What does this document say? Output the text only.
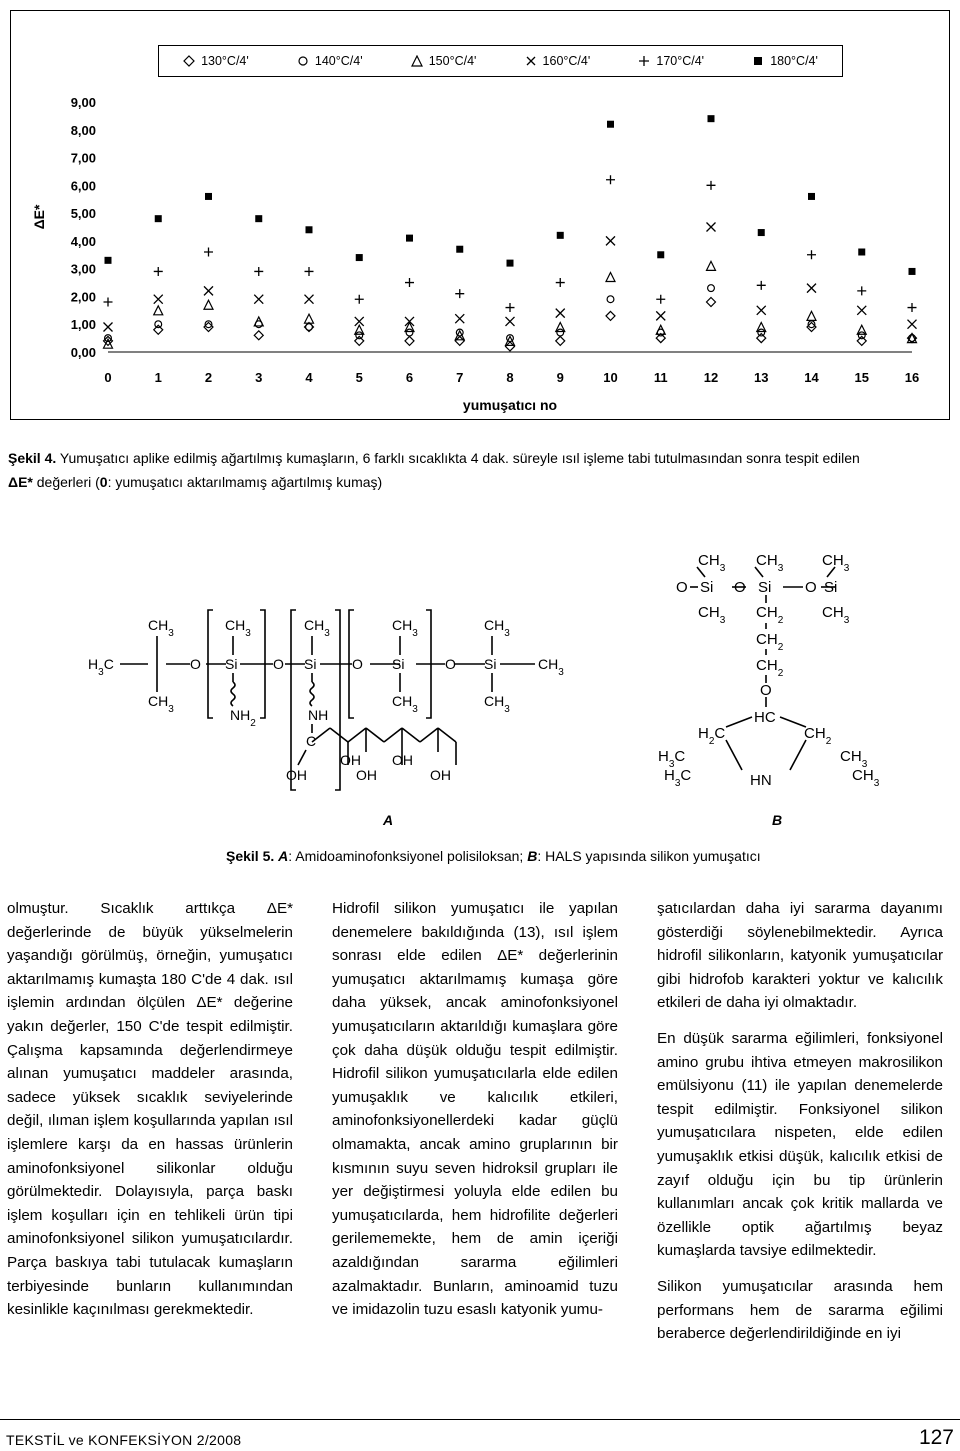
130°C/4'	140°C/4'	150°C/4'	160°C/4'	170°C/4'	180°C/4'
0,00
1,00
2,00
3,00
4,00
5,00
6,00
7,00
8,00
9,00
0	1	2	3	4	5	6	7	8	9	10	11	12	13	14	15	16
yumuşatıcı no
ΔE*
Şekil 4. Yumuşatıcı aplike edilmiş ağartılmış kumaşların, 6 farklı sıcaklıkta 4 dak. süreyle ısıl işleme tabi tutulmasından sonra tespit edilen
ΔE* değerleri (0: yumuşatıcı aktarılmamış ağartılmış kumaş)
$CH_3$
$H_3C$
$CH_3$
O
$CH_3$
Si
$NH_2$
O
$CH_3$
Si
NH
C
O
$CH_3$
Si
$CH_3$
O
$CH_3$
Si
$CH_3$
$CH_3$
OH
OH
OH
OH
OH
$CH_3$ $CH_3$	$CH_3$
O Si O Si O Si
$CH_3$ $CH_2$	$CH_3$
$CH_2$
$CH_2$
O
HC
$H_2C$	$CH_2$
$H_3C$	$CH_3$
$H_3C$	$CH_3$
HN
A	B
Şekil 5. A: Amidoaminofonksiyonel polisiloksan; B: HALS yapısında silikon yumuşatıcı

olmuştur. Sıcaklık arttıkça ΔE* değerlerinde de büyük yükselmelerin yaşandığı görülmüş, örneğin, yumuşatıcı aktarılmamış kumaşta 180 C'de 4 dak. ısıl işlemin ardından ölçülen ΔE* değerine yakın değerler, 150 C'de tespit edilmiştir. Çalışma kapsamında değerlendirmeye alınan yumuşatıcı maddeler arasında, sadece yüksek sıcaklık seviyelerinde değil, ılıman işlem koşullarında yapılan ısıl işlemlere karşı da en hassas ürünlerin aminofonksiyonel silikonlar olduğu görülmektedir. Dolayısıyla, parça baskı işlem koşulları için en tehlikeli ürün tipi aminofonksiyonel silikon yumuşatıcılardır. Parça baskıya tabi tutulacak kumaşların terbiyesinde bunların kullanımından kesinlikle kaçınılması gerekmektedir.

Hidrofil silikon yumuşatıcı ile yapılan denemelere bakıldığında (13), ısıl işlem sonrası elde edilen ΔE* değerlerinin yumuşatıcı aktarılmamış kumaşa göre daha yüksek, ancak aminofonksiyonel yumuşatıcıların aktarıldığı kumaşlara göre çok daha düşük olduğu tespit edilmiştir. Hidrofil silikon yumuşatıcılarla elde edilen yumuşaklık ve kalıcılık etkileri, aminofonksiyonellerdeki kadar güçlü olmamakta, ancak amino gruplarının bir kısmının suyu seven hidroksil grupları ile yer değiştirmesi yoluyla elde edilen bu yumuşatıcılarda, hem hidrofilite değerleri gerilememekte, hem de amin içeriği azaldığından sararma eğilimleri azalmaktadır. Bunların, aminoamid tuzu ve imidazolin tuzu esaslı katyonik yumu-

şatıcılardan daha iyi sararma dayanımı gösterdiği söylenebilmektedir. Ayrıca hidrofil silikonların, katyonik yumuşatıcılar gibi hidrofob karakteri yoktur ve kalıcılık etkileri de daha iyi olmaktadır.

En düşük sararma eğilimleri, fonksiyonel amino grubu ihtiva etmeyen makrosilikon emülsiyonu (11) ile yapılan denemelerde tespit edilmiştir. Fonksiyonel silikon yumuşatıcılara nispeten, elde edilen yumuşaklık etkisi düşük, kalıcılık etkisi de zayıf olduğu için bu tip ürünlerin kullanımları ancak çok kritik mallarda ve özellikle optik ağartılmış beyaz kumaşlarda tavsiye edilmektedir.

Silikon yumuşatıcılar arasında hem performans hem de sararma eğilimi beraberce değerlendirildiğinde en iyi

TEKSTİL ve KONFEKSİYON 2/2008	127
